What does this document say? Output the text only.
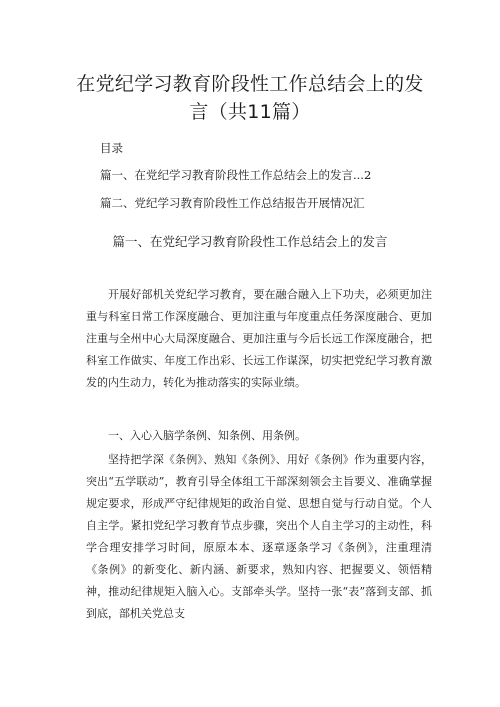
在党纪学习教育阶段性工作总结会上的发
言（共11篇）
目录
篇一、在党纪学习教育阶段性工作总结会上的发言...2
篇二、党纪学习教育阶段性工作总结报告开展情况汇
篇一、在党纪学习教育阶段性工作总结会上的发言

开展好部机关党纪学习教育，要在融合融入上下功夫，必须更加注重与科室日常工作深度融合、更加注重与年度重点任务深度融合、更加注重与全州中心大局深度融合、更加注重与今后长远工作深度融合，把科室工作做实、年度工作出彩、长远工作谋深，切实把党纪学习教育激发的内生动力，转化为推动落实的实际业绩。

一、入心入脑学条例、知条例、用条例。

坚持把学深《条例》、熟知《条例》、用好《条例》作为重要内容，突出“五学联动”，教育引导全体组工干部深刻领会主旨要义、准确掌握规定要求，形成严守纪律规矩的政治自觉、思想自觉与行动自觉。个人自主学。紧扣党纪学习教育节点步骤，突出个人自主学习的主动性，科学合理安排学习时间，原原本本、逐章逐条学习《条例》，注重理清《条例》的新变化、新内涵、新要求，熟知内容、把握要义、领悟精神，推动纪律规矩入脑入心。支部牵头学。坚持一张“表”落到支部、抓到底，部机关党总支
